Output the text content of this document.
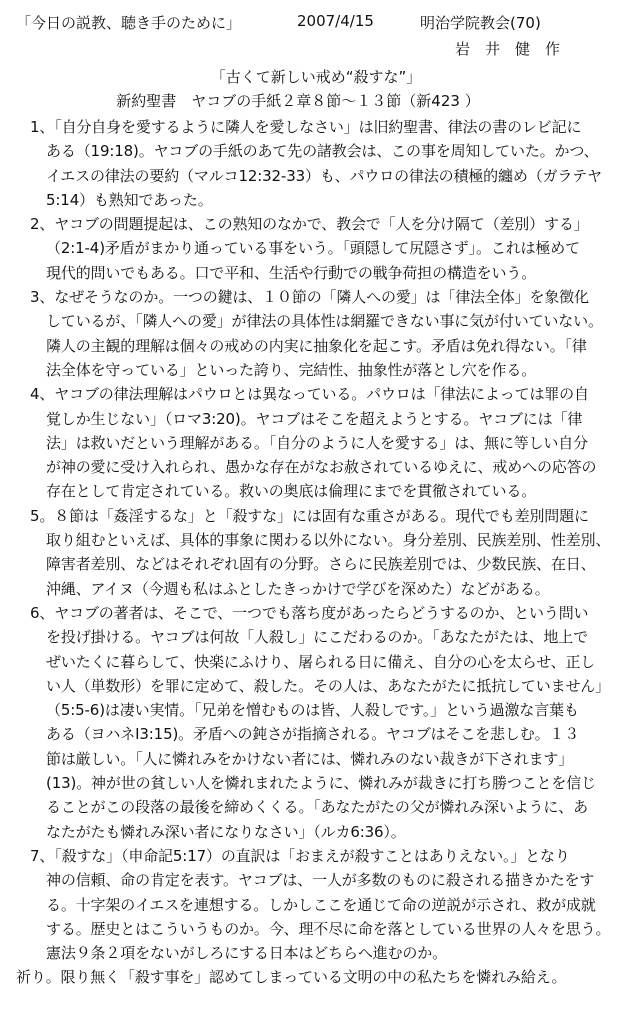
「今日の説教、聴き手のために」	2007/4/15	明治学院教会(70)
岩　井　健　作
「古くて新しい戒め“殺すな”」
新約聖書　ヤコブの手紙２章８節～１３節（新423 ）
1、「自分自身を愛するように隣人を愛しなさい」は旧約聖書、律法の書のレビ記に
ある（19:18)。ヤコブの手紙のあて先の諸教会は、この事を周知していた。かつ、
イエスの律法の要約（マルコ12:32-33）も、パウロの律法の積極的纏め（ガラテヤ
5:14）も熟知であった。
2、ヤコブの問題提起は、この熟知のなかで、教会で「人を分け隔て（差別）する」
（2:1-4)矛盾がまかり通っている事をいう。「頭隠して尻隠さず」。これは極めて
現代的問いでもある。口で平和、生活や行動での戦争荷担の構造をいう。
3、なぜそうなのか。一つの鍵は、１０節の「隣人への愛」は「律法全体」を象徴化
しているが、「隣人への愛」が律法の具体性は網羅できない事に気が付いていない。
隣人の主観的理解は個々の戒めの内実に抽象化を起こす。矛盾は免れ得ない。「律
法全体を守っている」といった誇り、完結性、抽象性が落とし穴を作る。
4、ヤコブの律法理解はパウロとは異なっている。パウロは「律法によっては罪の自
覚しか生じない」（ロマ3:20)。ヤコブはそこを超えようとする。ヤコブには「律
法」は救いだという理解がある。「自分のように人を愛する」は、無に等しい自分
が神の愛に受け入れられ、愚かな存在がなお赦されているゆえに、戒めへの応答の
存在として肯定されている。救いの奥底は倫理にまでを貫徹されている。
5。８節は「姦淫するな」と「殺すな」には固有な重さがある。現代でも差別問題に
取り組むといえば、具体的事象に関わる以外にない。身分差別、民族差別、性差別、
障害者差別、などはそれぞれ固有の分野。さらに民族差別では、少数民族、在日、
沖縄、アイヌ（今週も私はふとしたきっかけで学びを深めた）などがある。
6、ヤコブの著者は、そこで、一つでも落ち度があったらどうするのか、という問い
を投げ掛ける。ヤコブは何故「人殺し」にこだわるのか。「あなたがたは、地上で
ぜいたくに暮らして、快楽にふけり、屠られる日に備え、自分の心を太らせ、正し
い人（単数形）を罪に定めて、殺した。その人は、あなたがたに抵抗していません」
（5:5-6)は凄い実情。「兄弟を憎むものは皆、人殺しです。」という過激な言葉も
ある（ヨハネⅠ3:15)。矛盾への鈍さが指摘される。ヤコブはそこを悲しむ。１３
節は厳しい。「人に憐れみをかけない者には、憐れみのない裁きが下されます」
(13)。神が世の貧しい人を憐れまれたように、憐れみが裁きに打ち勝つことを信じ
ることがこの段落の最後を締めくくる。「あなたがたの父が憐れみ深いように、あ
なたがたも憐れみ深い者になりなさい」（ルカ6:36）。
7、「殺すな」（申命記5:17）の直訳は「おまえが殺すことはありえない。」となり
神の信頼、命の肯定を表す。ヤコブは、一人が多数のものに殺される描きかたをす
る。十字架のイエスを連想する。しかしここを通じて命の逆説が示され、救が成就
する。歴史とはこういうものか。今、理不尽に命を落としている世界の人々を思う。
憲法９条２項をないがしろにする日本はどちらへ進むのか。
祈り。限り無く「殺す事を」認めてしまっている文明の中の私たちを憐れみ給え。
